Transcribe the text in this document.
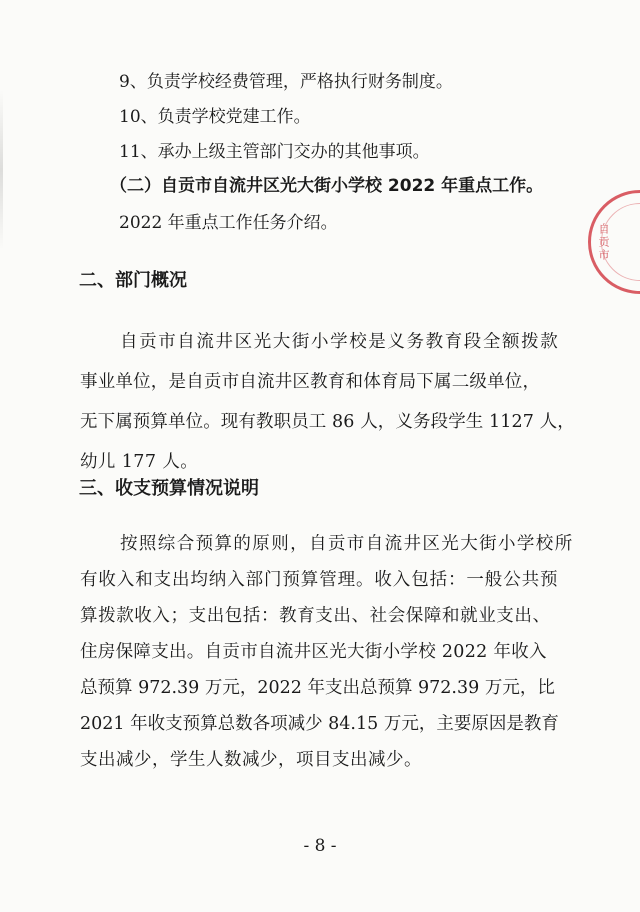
9、负责学校经费管理，严格执行财务制度。
10、负责学校党建工作。
11、承办上级主管部门交办的其他事项。
（二）自贡市自流井区光大街小学校 2022 年重点工作。
2022 年重点工作任务介绍。
二、部门概况
自贡市自流井区光大街小学校是义务教育段全额拨款
事业单位，是自贡市自流井区教育和体育局下属二级单位，
无下属预算单位。现有教职员工 86 人，义务段学生 1127 人，
幼儿 177 人。
三、收支预算情况说明
按照综合预算的原则，自贡市自流井区光大街小学校所
有收入和支出均纳入部门预算管理。收入包括：一般公共预
算拨款收入；支出包括：教育支出、社会保障和就业支出、
住房保障支出。自贡市自流井区光大街小学校 2022 年收入
总预算 972.39 万元，2022 年支出总预算 972.39 万元，比
2021 年收支预算总数各项减少 84.15 万元，主要原因是教育
支出减少，学生人数减少，项目支出减少。
- 8 -
自贡市
